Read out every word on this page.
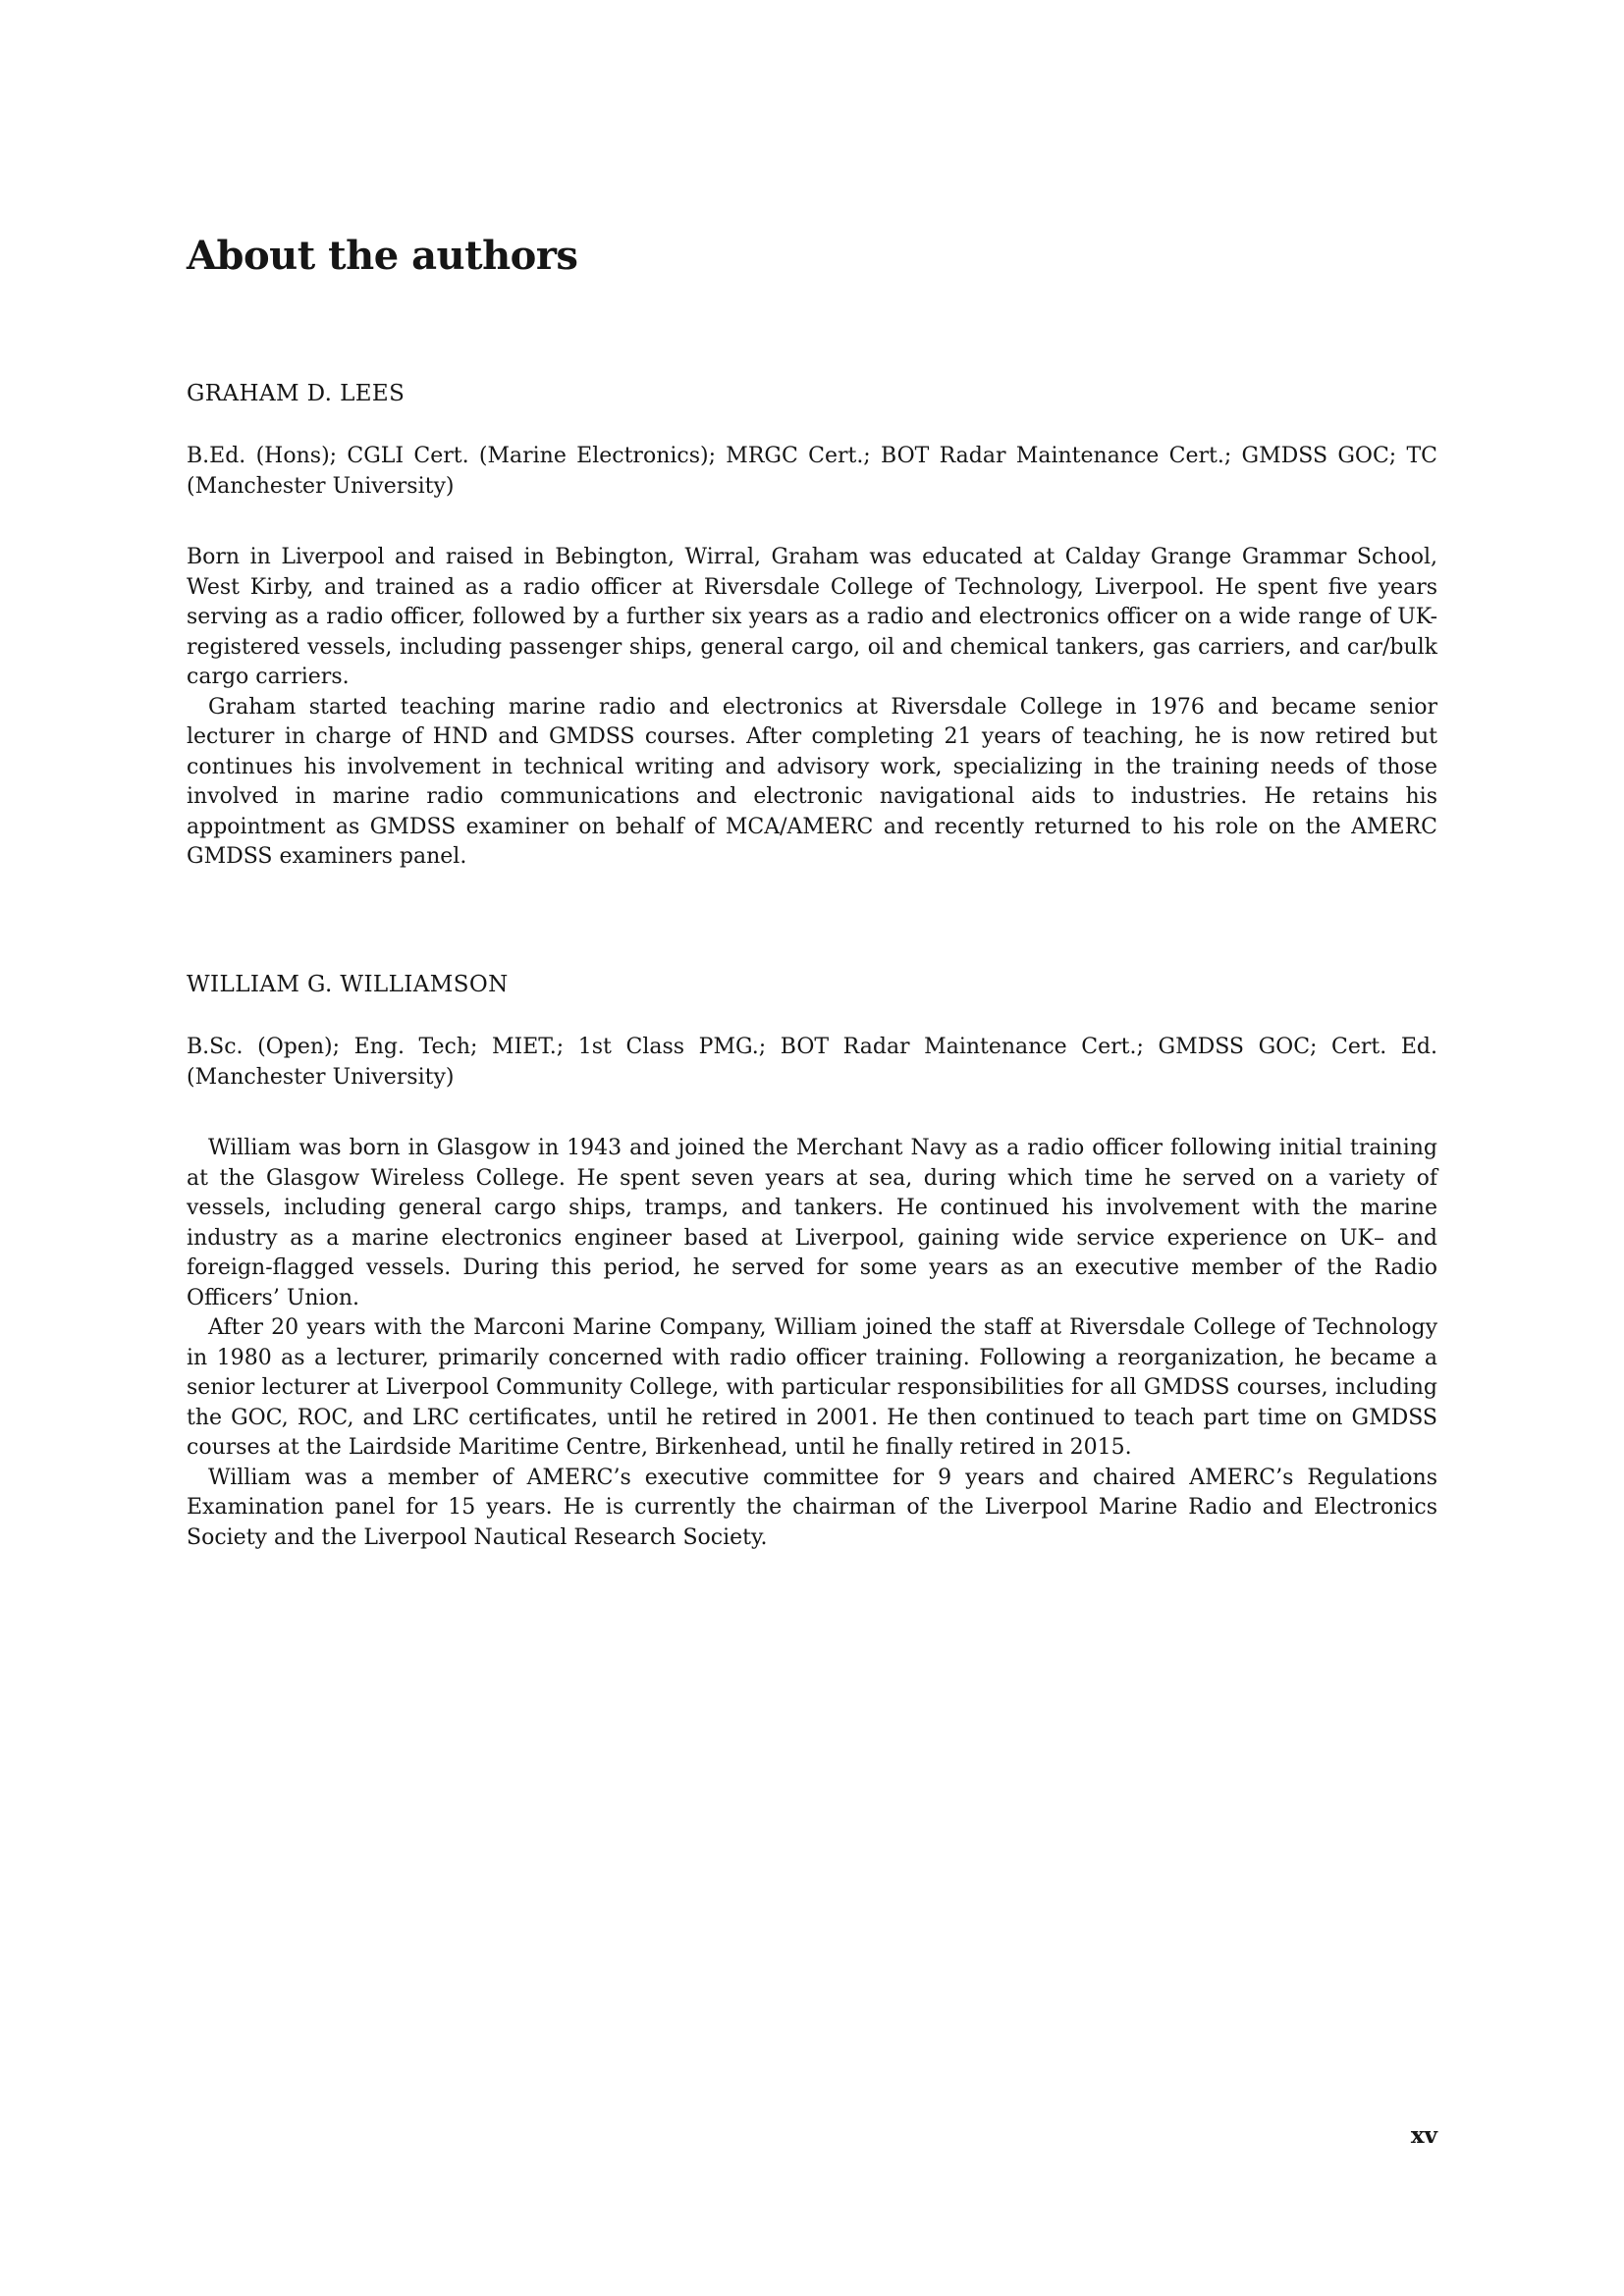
About the authors
GRAHAM D. LEES

B.Ed. (Hons); CGLI Cert. (Marine Electronics); MRGC Cert.; BOT Radar Maintenance Cert.; GMDSS GOC; TC (Manchester University)

Born in Liverpool and raised in Bebington, Wirral, Graham was educated at Calday Grange Grammar School, West Kirby, and trained as a radio officer at Riversdale College of Technology, Liverpool. He spent five years serving as a radio officer, followed by a further six years as a radio and electronics officer on a wide range of UK-registered vessels, including passenger ships, general cargo, oil and chemical tankers, gas carriers, and car/bulk cargo carriers.

Graham started teaching marine radio and electronics at Riversdale College in 1976 and became senior lecturer in charge of HND and GMDSS courses. After completing 21 years of teaching, he is now retired but continues his involvement in technical writing and advisory work, specializing in the training needs of those involved in marine radio communications and electronic navigational aids to industries. He retains his appointment as GMDSS examiner on behalf of MCA/AMERC and recently returned to his role on the AMERC GMDSS examiners panel.

WILLIAM G. WILLIAMSON

B.Sc. (Open); Eng. Tech; MIET.; 1st Class PMG.; BOT Radar Maintenance Cert.; GMDSS GOC; Cert. Ed. (Manchester University)

William was born in Glasgow in 1943 and joined the Merchant Navy as a radio officer following initial training at the Glasgow Wireless College. He spent seven years at sea, during which time he served on a variety of vessels, including general cargo ships, tramps, and tankers. He continued his involvement with the marine industry as a marine electronics engineer based at Liverpool, gaining wide service experience on UK– and foreign-flagged vessels. During this period, he served for some years as an executive member of the Radio Officers’ Union.

After 20 years with the Marconi Marine Company, William joined the staff at Riversdale College of Technology in 1980 as a lecturer, primarily concerned with radio officer training. Following a reorganization, he became a senior lecturer at Liverpool Community College, with particular responsibilities for all GMDSS courses, including the GOC, ROC, and LRC certificates, until he retired in 2001. He then continued to teach part time on GMDSS courses at the Lairdside Maritime Centre, Birkenhead, until he finally retired in 2015.

William was a member of AMERC’s executive committee for 9 years and chaired AMERC’s Regulations Examination panel for 15 years. He is currently the chairman of the Liverpool Marine Radio and Electronics Society and the Liverpool Nautical Research Society.

xv
